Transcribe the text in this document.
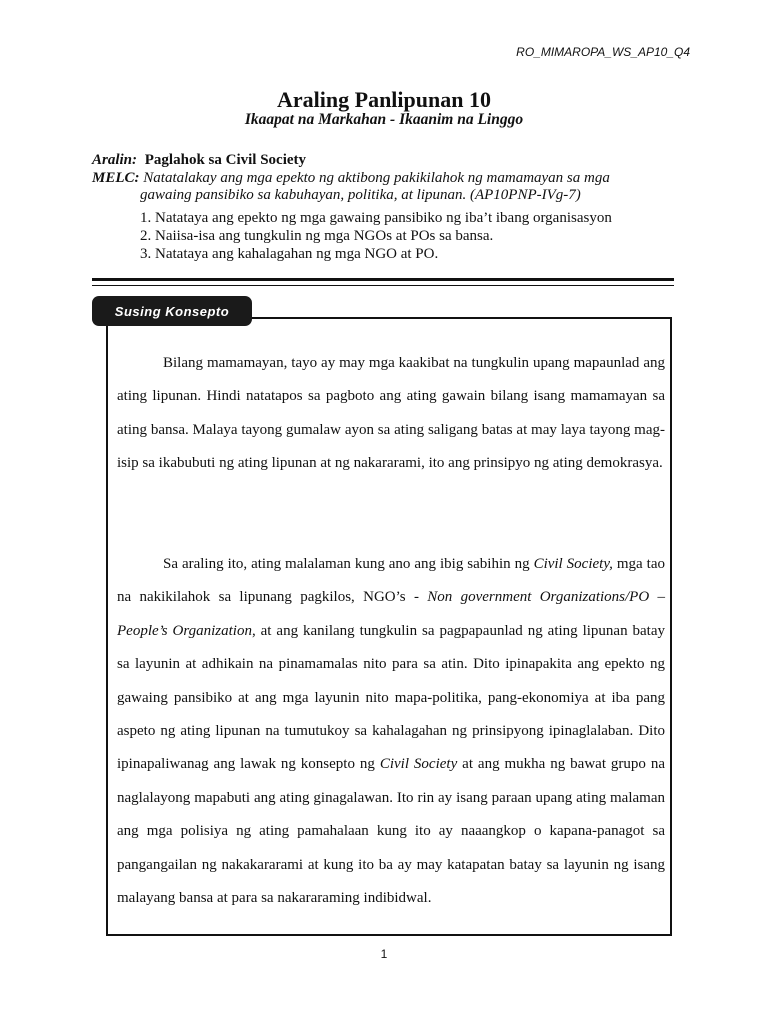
RO_MIMAROPA_WS_AP10_Q4
Araling Panlipunan 10
Ikaapat na Markahan - Ikaanim na Linggo
Aralin: Paglahok sa Civil Society
MELC: Natatalakay ang mga epekto ng aktibong pakikilahok ng mamamayan sa mga
gawaing pansibiko sa kabuhayan, politika, at lipunan. (AP10PNP-IVg-7)
1. Natataya ang epekto ng mga gawaing pansibiko ng iba’t ibang organisasyon
2. Naiisa-isa ang tungkulin ng mga NGOs at POs sa bansa.
3. Natataya ang kahalagahan ng mga NGO at PO.
Susing Konsepto

Bilang mamamayan, tayo ay may mga kaakibat na tungkulin upang mapaunlad ang ating lipunan. Hindi natatapos sa pagboto ang ating gawain bilang isang mamamayan sa ating bansa. Malaya tayong gumalaw ayon sa ating saligang batas at may laya tayong mag-isip sa ikabubuti ng ating lipunan at ng nakararami, ito ang prinsipyo ng ating demokrasya.

Sa araling ito, ating malalaman kung ano ang ibig sabihin ng Civil Society, mga tao na nakikilahok sa lipunang pagkilos, NGO’s - Non government Organizations/PO – People’s Organization, at ang kanilang tungkulin sa pagpapaunlad ng ating lipunan batay sa layunin at adhikain na pinamamalas nito para sa atin. Dito ipinapakita ang epekto ng gawaing pansibiko at ang mga layunin nito mapa-politika, pang-ekonomiya at iba pang aspeto ng ating lipunan na tumutukoy sa kahalagahan ng prinsipyong ipinaglalaban. Dito ipinapaliwanag ang lawak ng konsepto ng Civil Society at ang mukha ng bawat grupo na naglalayong mapabuti ang ating ginagalawan. Ito rin ay isang paraan upang ating malaman ang mga polisiya ng ating pamahalaan kung ito ay naaangkop o kapana-panagot sa pangangailan ng nakakararami at kung ito ba ay may katapatan batay sa layunin ng isang malayang bansa at para sa nakararaming indibidwal.

1
